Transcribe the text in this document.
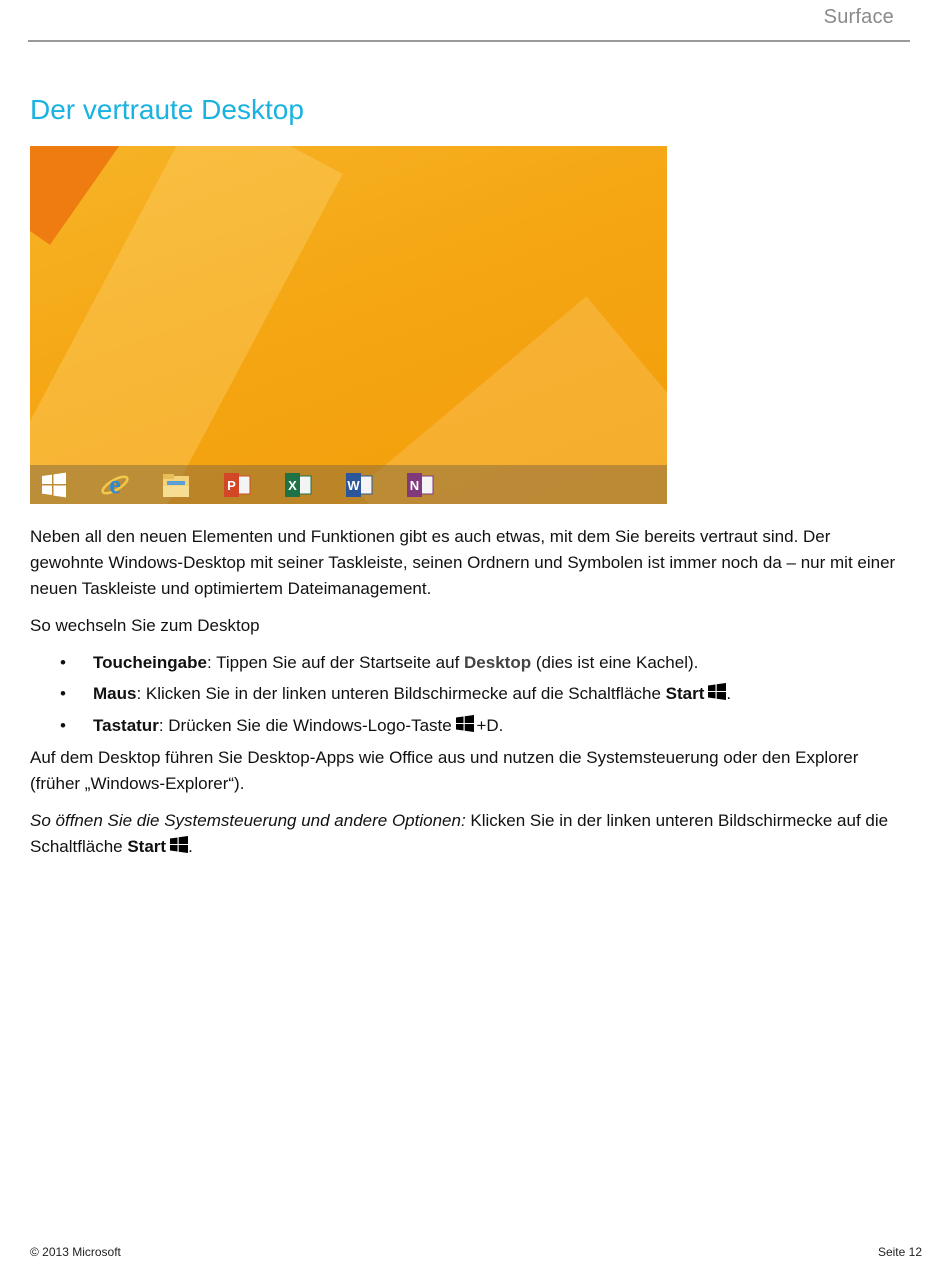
Surface
Der vertraute Desktop
e	P	X	W	N

Neben all den neuen Elementen und Funktionen gibt es auch etwas, mit dem Sie bereits vertraut sind. Der gewohnte Windows-Desktop mit seiner Taskleiste, seinen Ordnern und Symbolen ist immer noch da – nur mit einer neuen Taskleiste und optimiertem Dateimanagement.

So wechseln Sie zum Desktop

• Toucheingabe: Tippen Sie auf der Startseite auf Desktop (dies ist eine Kachel).
• Maus: Klicken Sie in der linken unteren Bildschirmecke auf die Schaltfläche Start .
• Tastatur: Drücken Sie die Windows-Logo-Taste +D.

Auf dem Desktop führen Sie Desktop-Apps wie Office aus und nutzen die Systemsteuerung oder den Explorer (früher „Windows-Explorer“).

So öffnen Sie die Systemsteuerung und andere Optionen: Klicken Sie in der linken unteren Bildschirmecke auf die Schaltfläche Start .

© 2013 Microsoft	Seite 12
